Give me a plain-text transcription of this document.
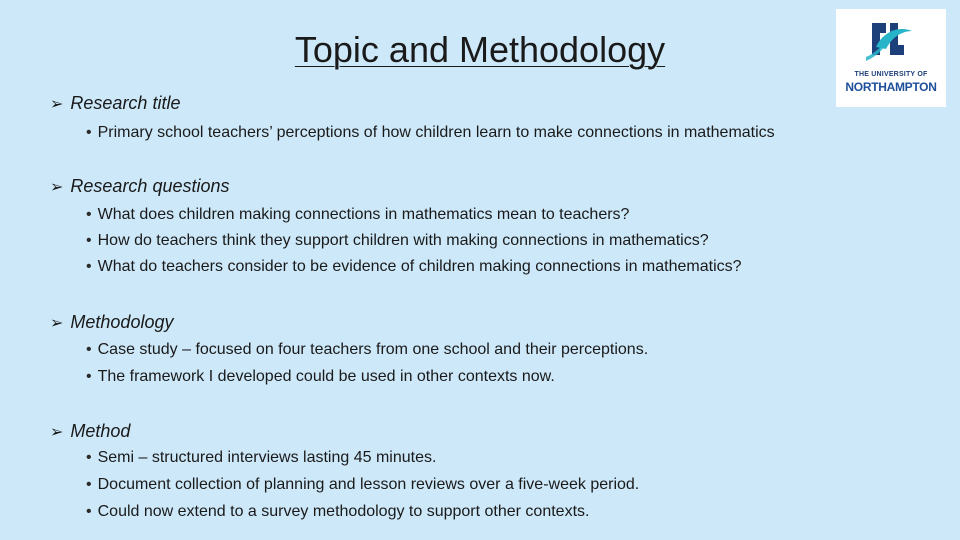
Topic and Methodology
THE UNIVERSITY OF
NORTHAMPTON
➢ Research title
• Primary school teachers’ perceptions of how children learn to make connections in mathematics
➢ Research questions
• What does children making connections in mathematics mean to teachers?
• How do teachers think they support children with making connections in mathematics?
• What do teachers consider to be evidence of children making connections in mathematics?
➢ Methodology
• Case study – focused on four teachers from one school and their perceptions.
• The framework I developed could be used in other contexts now.
➢ Method
• Semi – structured interviews lasting 45 minutes.
• Document collection of planning and lesson reviews over a five-week period.
• Could now extend to a survey methodology to support other contexts.
